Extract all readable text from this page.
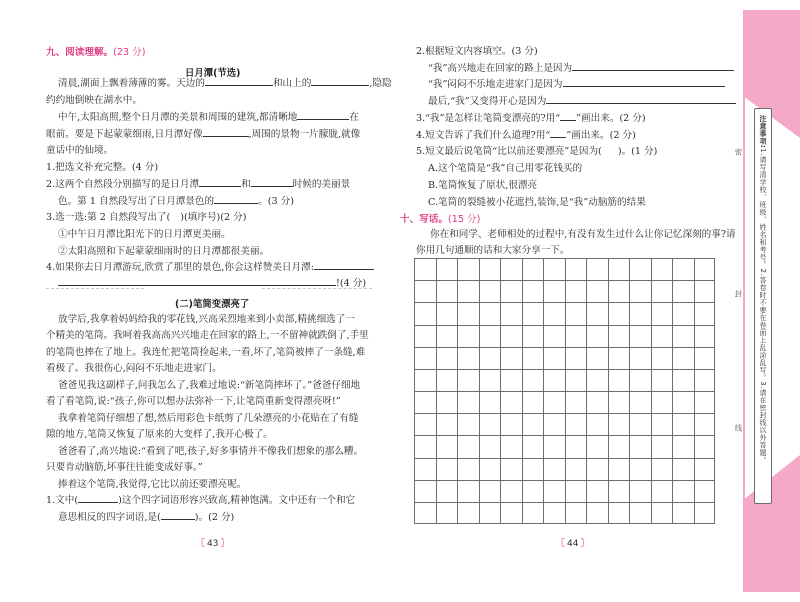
九、阅读理解。(23 分)
日月潭(节选)
清晨,湖面上飘着薄薄的雾。天边的	和山上的	,隐隐
约约地倒映在湖水中。
中午,太阳高照,整个日月潭的美景和周围的建筑,都清晰地	在
眼前。要是下起蒙蒙细雨,日月潭好像	,周围的景物一片朦胧,就像
童话中的仙境。
1.把选文补充完整。(4 分)
2.这两个自然段分别描写的是日月潭	和	时候的美丽景
色。第 1 自然段写出了日月潭景色的	。(3 分)
3.选一选:第 2 自然段写出了( )(填序号)(2 分)
①中午日月潭比阳光下的日月潭更美丽。
②太阳高照和下起蒙蒙细雨时的日月潭都很美丽。
4.如果你去日月潭游玩,欣赏了那里的景色,你会这样赞美日月潭:
!(4 分)
(二)笔筒变漂亮了
放学后,我拿着妈妈给我的零花钱,兴高采烈地来到小卖部,精挑细选了一
个精美的笔筒。我呵着我高高兴兴地走在回家的路上,一不留神就跌倒了,手里
的笔筒也摔在了地上。我连忙把笔筒捡起来,一看,坏了,笔筒被摔了一条缝,难
看极了。我很伤心,闷闷不乐地走进家门。
爸爸见我这副样子,问我怎么了,我难过地说:“新笔筒摔坏了。”爸爸仔细地
看了看笔筒,说:“孩子,你可以想办法弥补一下,让笔筒重新变得漂亮呀!”
我拿着笔筒仔细想了想,然后用彩色卡纸剪了几朵漂亮的小花贴在了有缝
隙的地方,笔筒又恢复了原来的大变样了,我开心极了。
爸爸看了,高兴地说:“看到了吧,孩子,好多事情并不像我们想象的那么糟。
只要肯动脑筋,坏事往往能变成好事。”
捧着这个笔筒,我觉得,它比以前还要漂亮呢。
1.文中(	)这个四字词语形容兴致高,精神饱满。文中还有一个和它
意思相反的四字词语,是(	)。(2 分)
〖 43 〗
2.根据短文内容填空。(3 分)
“我”高兴地走在回家的路上是因为
“我”闷闷不乐地走进家门是因为
最后,“我”又变得开心是因为
3.“我”是怎样让笔筒变漂亮的?用“ ”画出来。(2 分)
4.短文告诉了我们什么道理?用“ ”画出来。(2 分)
5.短文最后说笔筒“比以前还要漂亮”是因为( )。(1 分)
A.这个笔筒是“我”自己用零花钱买的
B.笔筒恢复了原状,很漂亮
C.笔筒的裂缝被小花遮挡,装饰,是“我”动脑筋的结果
十、写话。(15 分)
你在和同学、老师相处的过程中,有没有发生过什么让你记忆深刻的事?请
你用几句通顺的话和大家分享一下。
〖 44 〗
注意事项:1.请写清学校、班级、姓名和考号。2.答卷时不要在卷面上乱涂乱写。3.请在密封线以外答题。
密
封
线
